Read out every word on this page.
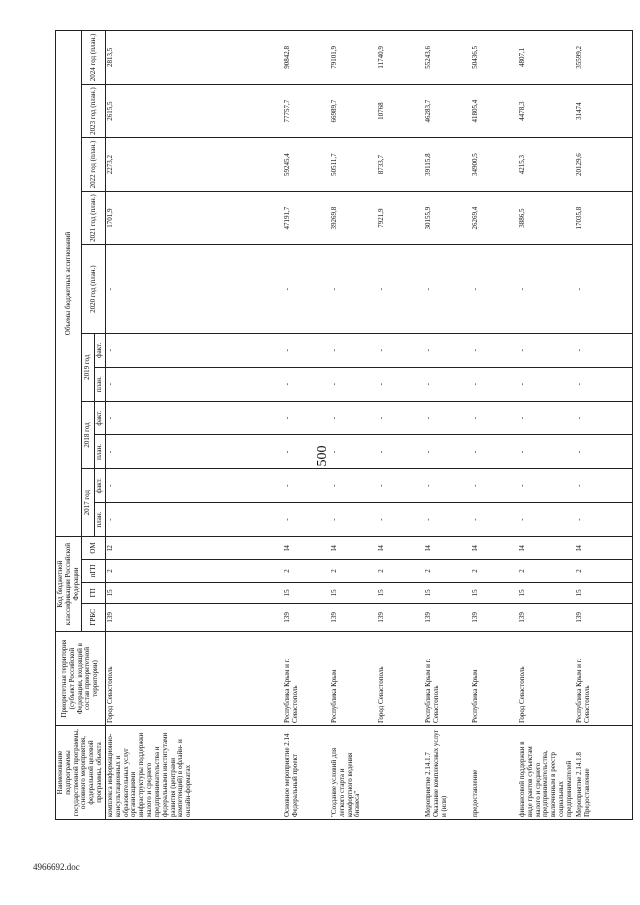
500
Наименование подпрограммы государственной программы, основного мероприятия, федеральной целевой программы, объекта	Приоритетная территория (субъект Российской Федерации, входящий в состав приоритетной территории)	Код бюджетной классификации Российской Федерации				Объемы бюджетных ассигнований										
		ГРБС	ГП	пГП	ОМ	2017 год		2018 год		2019 год		2020 год (план.)	2021 год (план.)	2022 год (план.)	2023 год (план.)	2024 год (план.)
						план.	факт.	план.	факт.	план.	факт.					
комплекса информационно-консультационных и образовательных услуг организациями инфраструктуры поддержки малого и среднего предпринимательства и федеральными институтами развития (центрами компетенций) в офлайн- и онлайн-форматах	Город Севастополь	139	15	2	I2	-	-	-	-	-	-	-	1701,9	2273,2	2615,5	2813,5
Основное мероприятие 2.14 Федеральный проект	Республика Крым и г. Севастополь	139	15	2	I4	-	-	-	-	-	-	-	47191,7	59245,4	77757,7	90842,8
"Создание условий для легкого старта и комфортного ведения бизнеса"	Республика Крым	139	15	2	I4	-	-	-	-	-	-	-	39269,8	50511,7	66989,7	79101,9
	Город Севастополь	139	15	2	I4	-	-	-	-	-	-	-	7921,9	8733,7	10768	11740,9
Мероприятие 2.14.1.7 Оказание комплексных услуг и (или)	Республика Крым и г. Севастополь	139	15	2	I4	-	-	-	-	-	-	-	30155,9	39115,8	46283,7	55243,6
предоставление	Республика Крым	139	15	2	I4	-	-	-	-	-	-	-	26269,4	34900,5	41805,4	50436,5
финансовой поддержки в виде грантов субъектам малого и среднего предпринимательства, включенным в реестр социальных предпринимателей	Город Севастополь	139	15	2	I4	-	-	-	-	-	-	-	3886,5	4215,3	4478,3	4807,1
Мероприятие 2.14.1.8 Предоставление	Республика Крым и г. Севастополь	139	15	2	I4	-	-	-	-	-	-	-	17035,8	20129,6	31474	35599,2
4966692.doc
